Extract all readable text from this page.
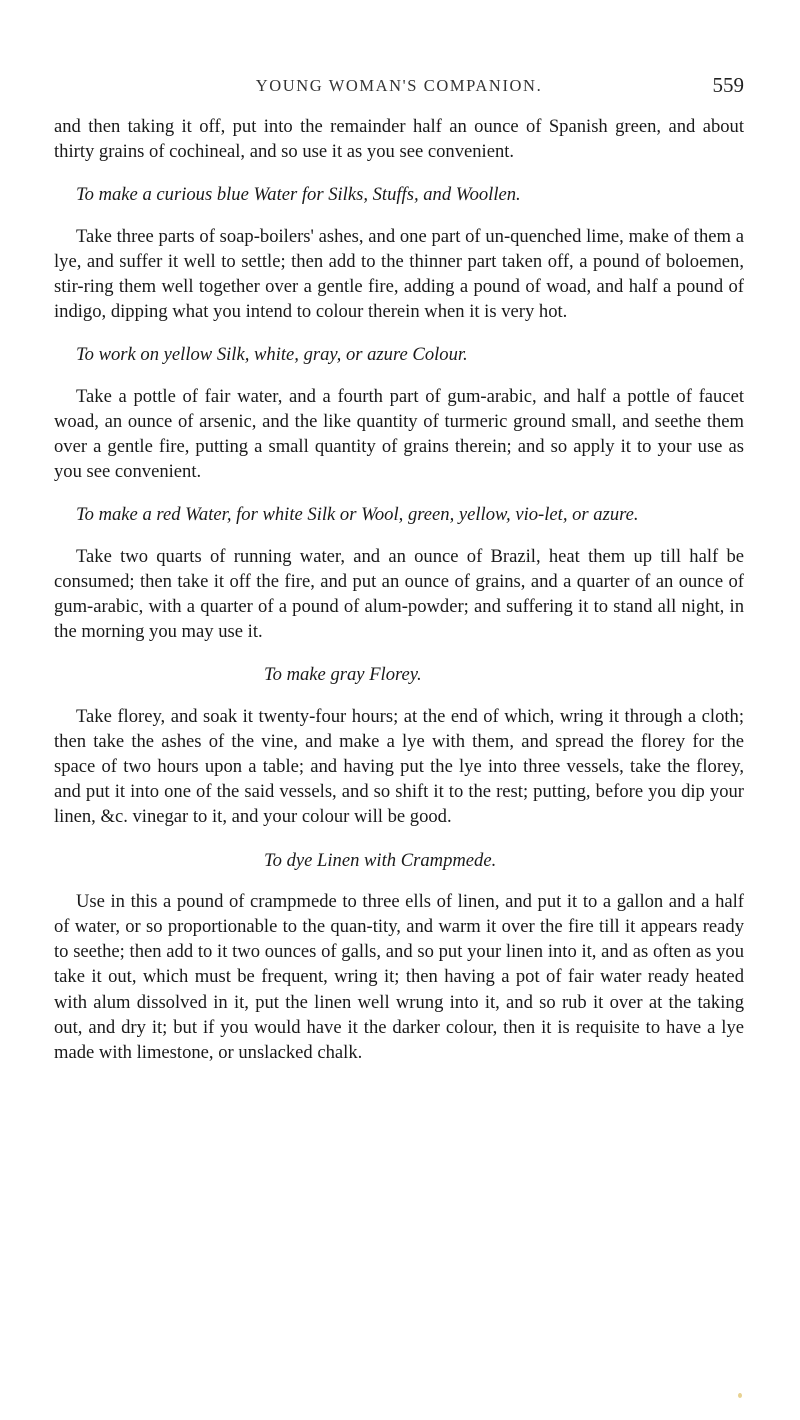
YOUNG WOMAN'S COMPANION.	559

and then taking it off, put into the remainder half an ounce of Spanish green, and about thirty grains of cochineal, and so use it as you see convenient.

To make a curious blue Water for Silks, Stuffs, and Woollen.

Take three parts of soap-boilers' ashes, and one part of un-quenched lime, make of them a lye, and suffer it well to settle; then add to the thinner part taken off, a pound of boloemen, stir-ring them well together over a gentle fire, adding a pound of woad, and half a pound of indigo, dipping what you intend to colour therein when it is very hot.

To work on yellow Silk, white, gray, or azure Colour.

Take a pottle of fair water, and a fourth part of gum-arabic, and half a pottle of faucet woad, an ounce of arsenic, and the like quantity of turmeric ground small, and seethe them over a gentle fire, putting a small quantity of grains therein; and so apply it to your use as you see convenient.

To make a red Water, for white Silk or Wool, green, yellow, vio-let, or azure.

Take two quarts of running water, and an ounce of Brazil, heat them up till half be consumed; then take it off the fire, and put an ounce of grains, and a quarter of an ounce of gum-arabic, with a quarter of a pound of alum-powder; and suffering it to stand all night, in the morning you may use it.

To make gray Florey.

Take florey, and soak it twenty-four hours; at the end of which, wring it through a cloth; then take the ashes of the vine, and make a lye with them, and spread the florey for the space of two hours upon a table; and having put the lye into three vessels, take the florey, and put it into one of the said vessels, and so shift it to the rest; putting, before you dip your linen, &c. vinegar to it, and your colour will be good.

To dye Linen with Crampmede.

Use in this a pound of crampmede to three ells of linen, and put it to a gallon and a half of water, or so proportionable to the quan-tity, and warm it over the fire till it appears ready to seethe; then add to it two ounces of galls, and so put your linen into it, and as often as you take it out, which must be frequent, wring it; then having a pot of fair water ready heated with alum dissolved in it, put the linen well wrung into it, and so rub it over at the taking out, and dry it; but if you would have it the darker colour, then it is requisite to have a lye made with limestone, or unslacked chalk.
